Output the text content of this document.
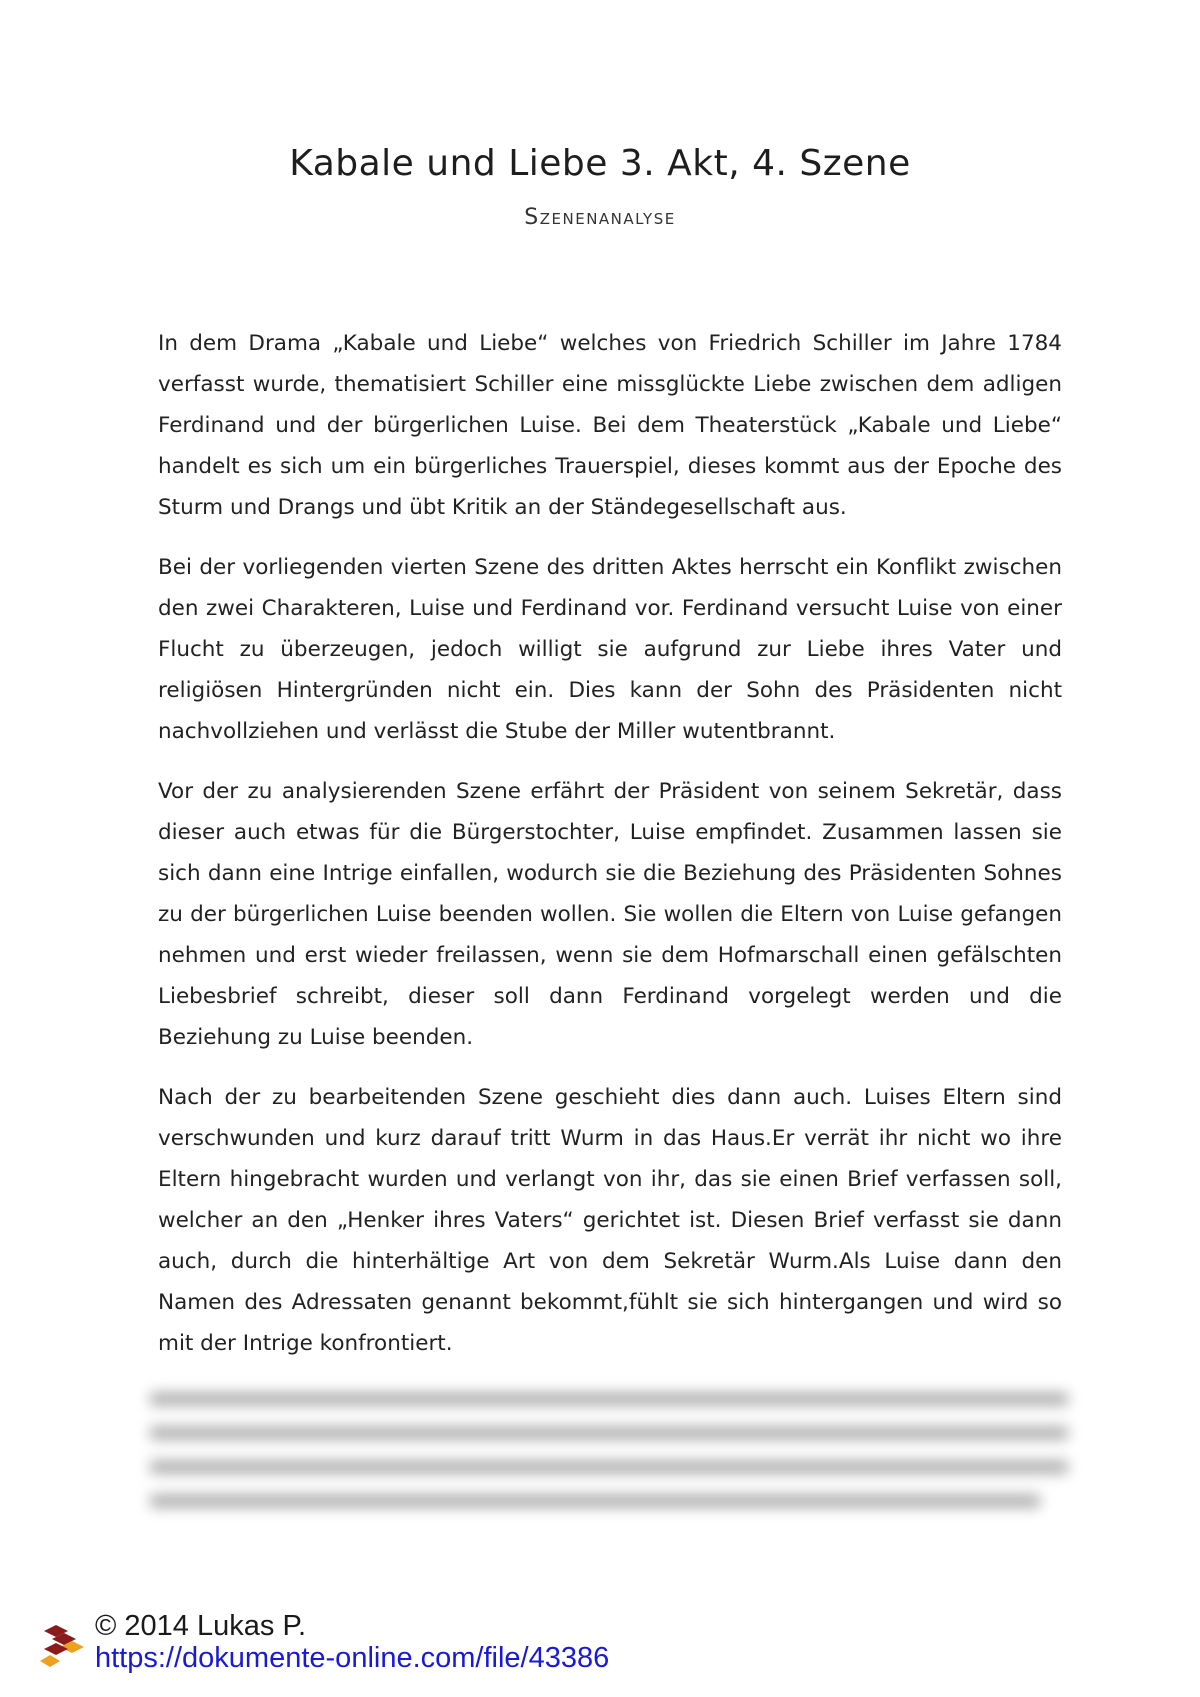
Kabale und Liebe 3. Akt, 4. Szene
Szenenanalyse

In dem Drama „Kabale und Liebe“ welches von Friedrich Schiller im Jahre 1784 verfasst wurde, thematisiert Schiller eine missglückte Liebe zwischen dem adligen Ferdinand und der bürgerlichen Luise. Bei dem Theaterstück „Kabale und Liebe“ handelt es sich um ein bürgerliches Trauerspiel, dieses kommt aus der Epoche des Sturm und Drangs und übt Kritik an der Ständegesellschaft aus.

Bei der vorliegenden vierten Szene des dritten Aktes herrscht ein Konflikt zwischen den zwei Charakteren, Luise und Ferdinand vor. Ferdinand versucht Luise von einer Flucht zu überzeugen, jedoch willigt sie aufgrund zur Liebe ihres Vater und religiösen Hintergründen nicht ein. Dies kann der Sohn des Präsidenten nicht nachvollziehen und verlässt die Stube der Miller wutentbrannt.

Vor der zu analysierenden Szene erfährt der Präsident von seinem Sekretär, dass dieser auch etwas für die Bürgerstochter, Luise empfindet. Zusammen lassen sie sich dann eine Intrige einfallen, wodurch sie die Beziehung des Präsidenten Sohnes zu der bürgerlichen Luise beenden wollen. Sie wollen die Eltern von Luise gefangen nehmen und erst wieder freilassen, wenn sie dem Hofmarschall einen gefälschten Liebesbrief schreibt, dieser soll dann Ferdinand vorgelegt werden und die Beziehung zu Luise beenden.

Nach der zu bearbeitenden Szene geschieht dies dann auch. Luises Eltern sind verschwunden und kurz darauf tritt Wurm in das Haus.Er verrät ihr nicht wo ihre Eltern hingebracht wurden und verlangt von ihr, das sie einen Brief verfassen soll, welcher an den „Henker ihres Vaters“ gerichtet ist. Diesen Brief verfasst sie dann auch, durch die hinterhältige Art von dem Sekretär Wurm.Als Luise dann den Namen des Adressaten genannt bekommt,fühlt sie sich hintergangen und wird so mit der Intrige konfrontiert.

© 2014 Lukas P.
https://dokumente-online.com/file/43386
